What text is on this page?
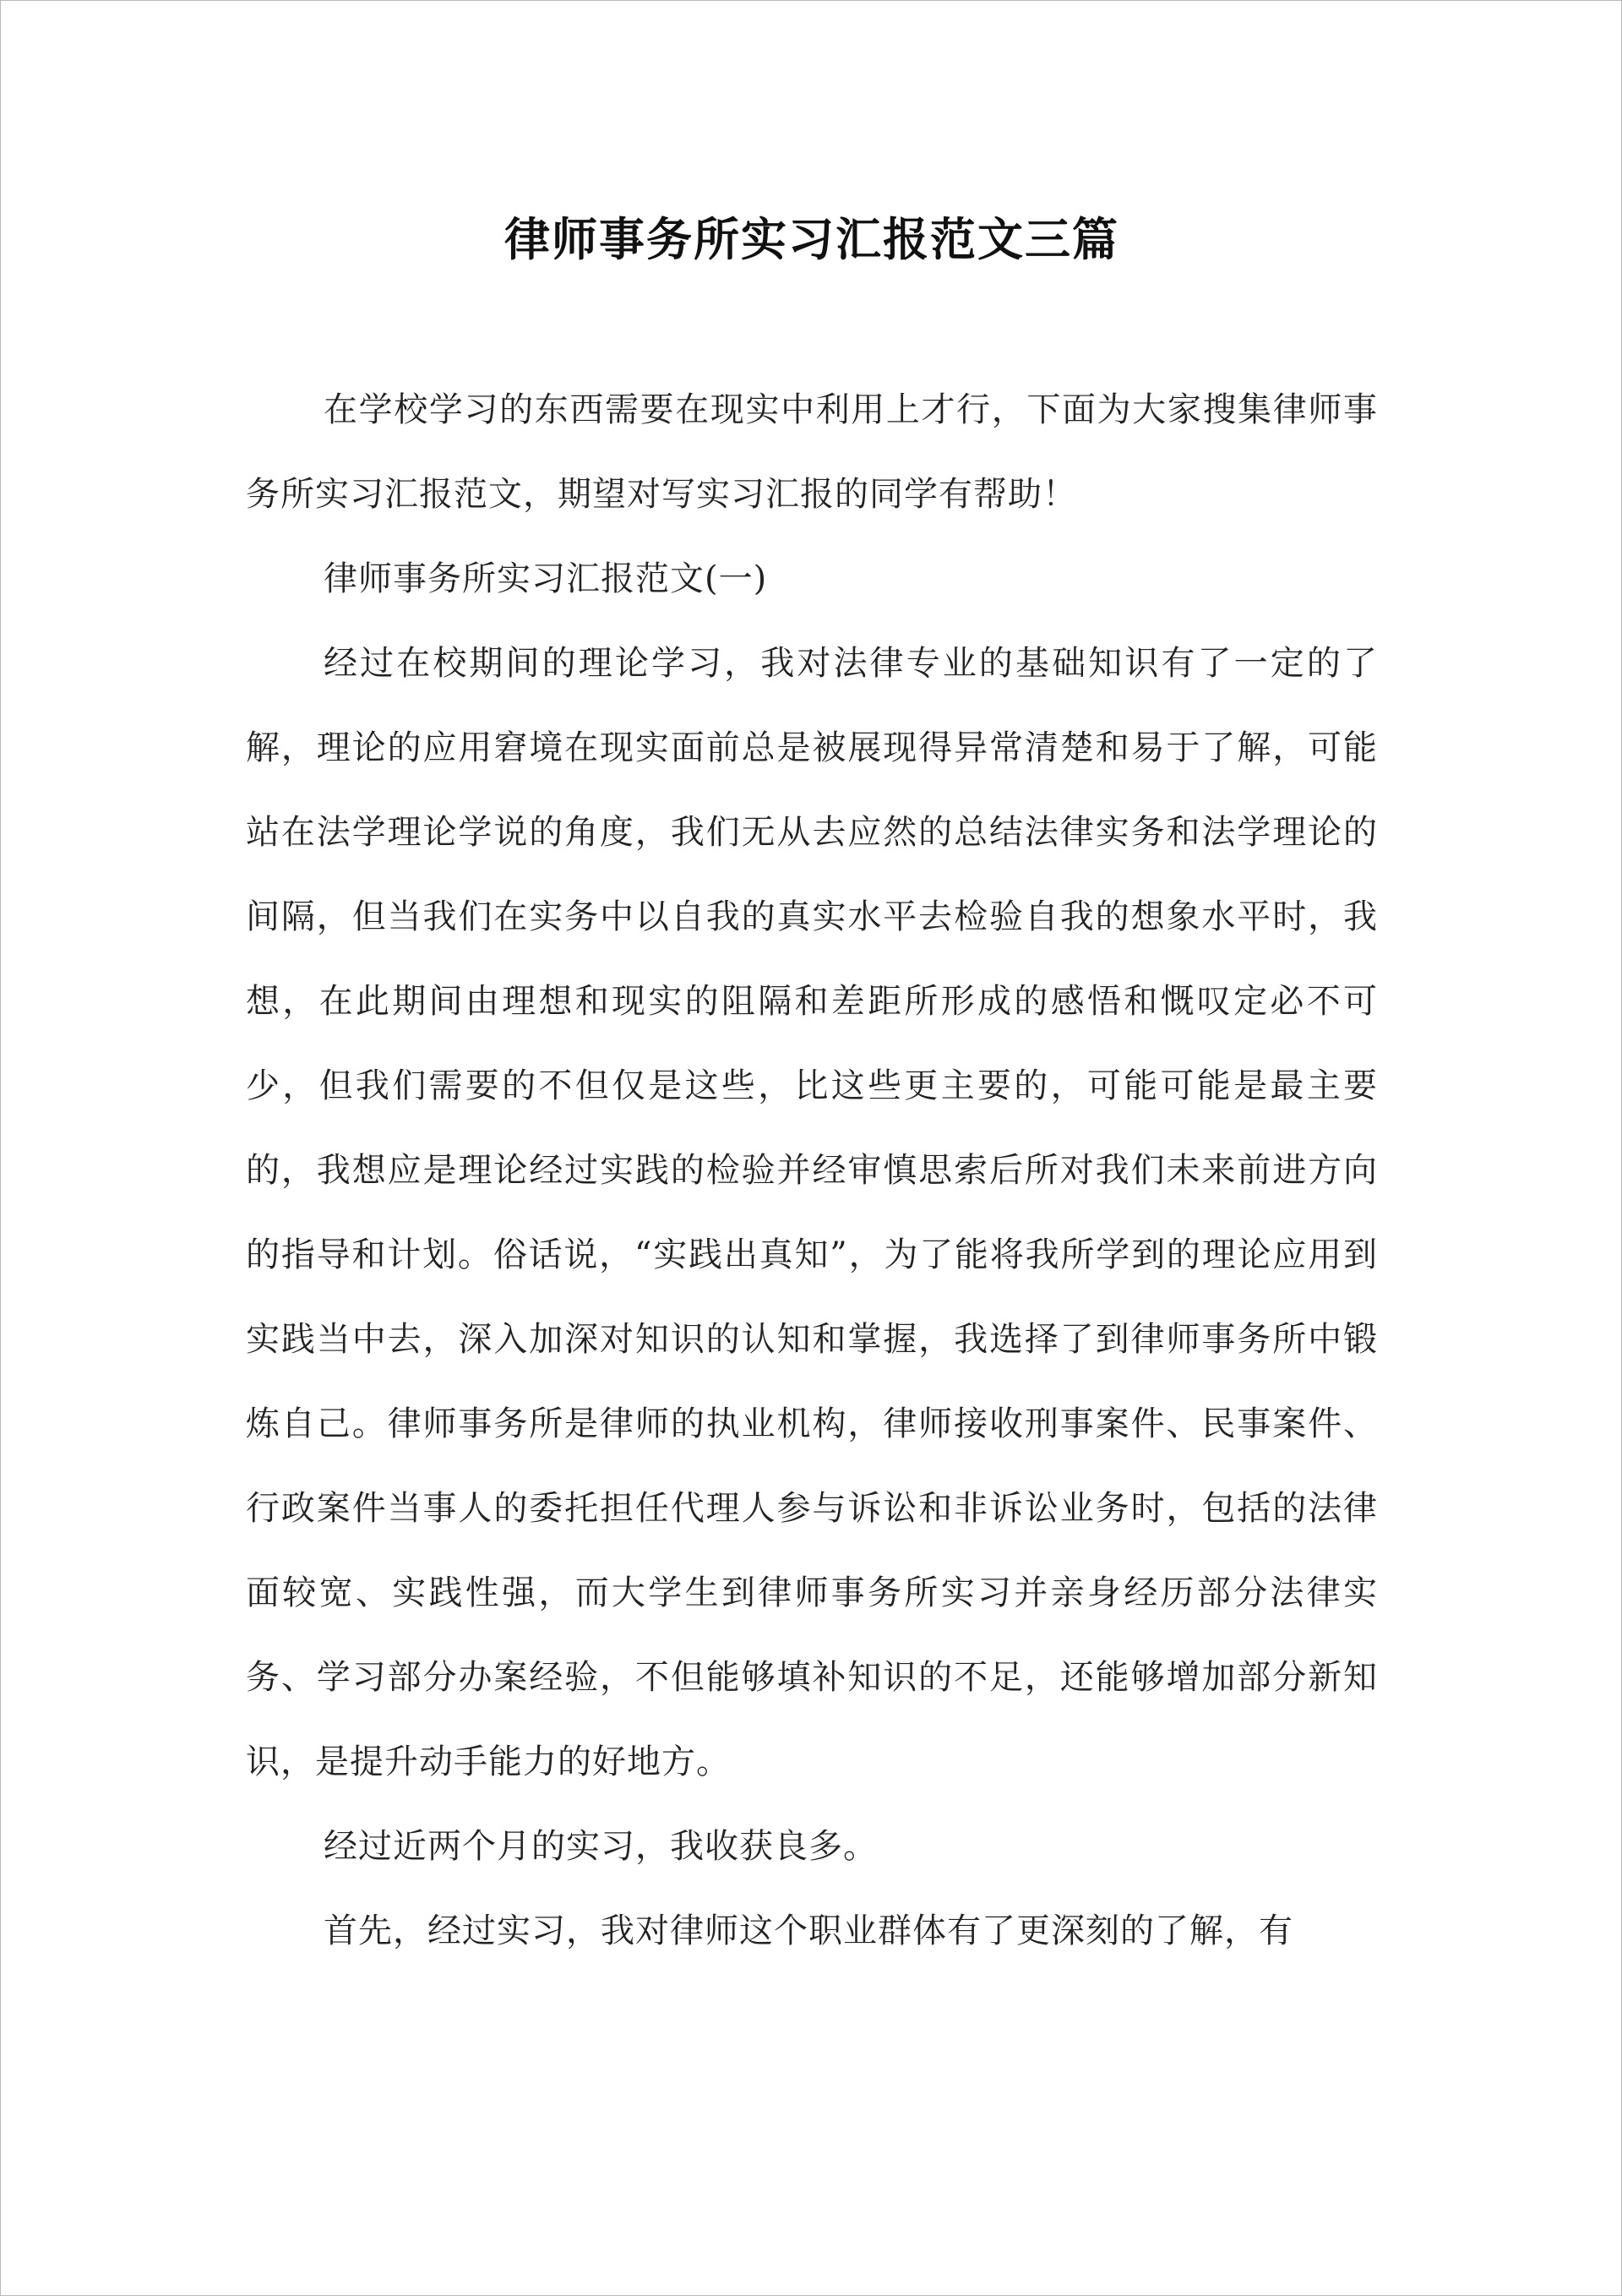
律师事务所实习汇报范文三篇

在学校学习的东西需要在现实中利用上才行，下面为大家搜集律师事务所实习汇报范文，期望对写实习汇报的同学有帮助！

律师事务所实习汇报范文(一)

经过在校期间的理论学习，我对法律专业的基础知识有了一定的了解，理论的应用窘境在现实面前总是被展现得异常清楚和易于了解，可能站在法学理论学说的角度，我们无从去应然的总结法律实务和法学理论的间隔，但当我们在实务中以自我的真实水平去检验自我的想象水平时，我想，在此期间由理想和现实的阻隔和差距所形成的感悟和慨叹定必不可少，但我们需要的不但仅是这些，比这些更主要的，可能可能是最主要的，我想应是理论经过实践的检验并经审慎思索后所对我们未来前进方向的指导和计划。俗话说，“实践出真知”，为了能将我所学到的理论应用到实践当中去，深入加深对知识的认知和掌握，我选择了到律师事务所中锻炼自己。律师事务所是律师的执业机构，律师接收刑事案件、民事案件、行政案件当事人的委托担任代理人参与诉讼和非诉讼业务时，包括的法律面较宽、实践性强，而大学生到律师事务所实习并亲身经历部分法律实务、学习部分办案经验，不但能够填补知识的不足，还能够增加部分新知识，是提升动手能力的好地方。

经过近两个月的实习，我收获良多。

首先，经过实习，我对律师这个职业群体有了更深刻的了解，有
